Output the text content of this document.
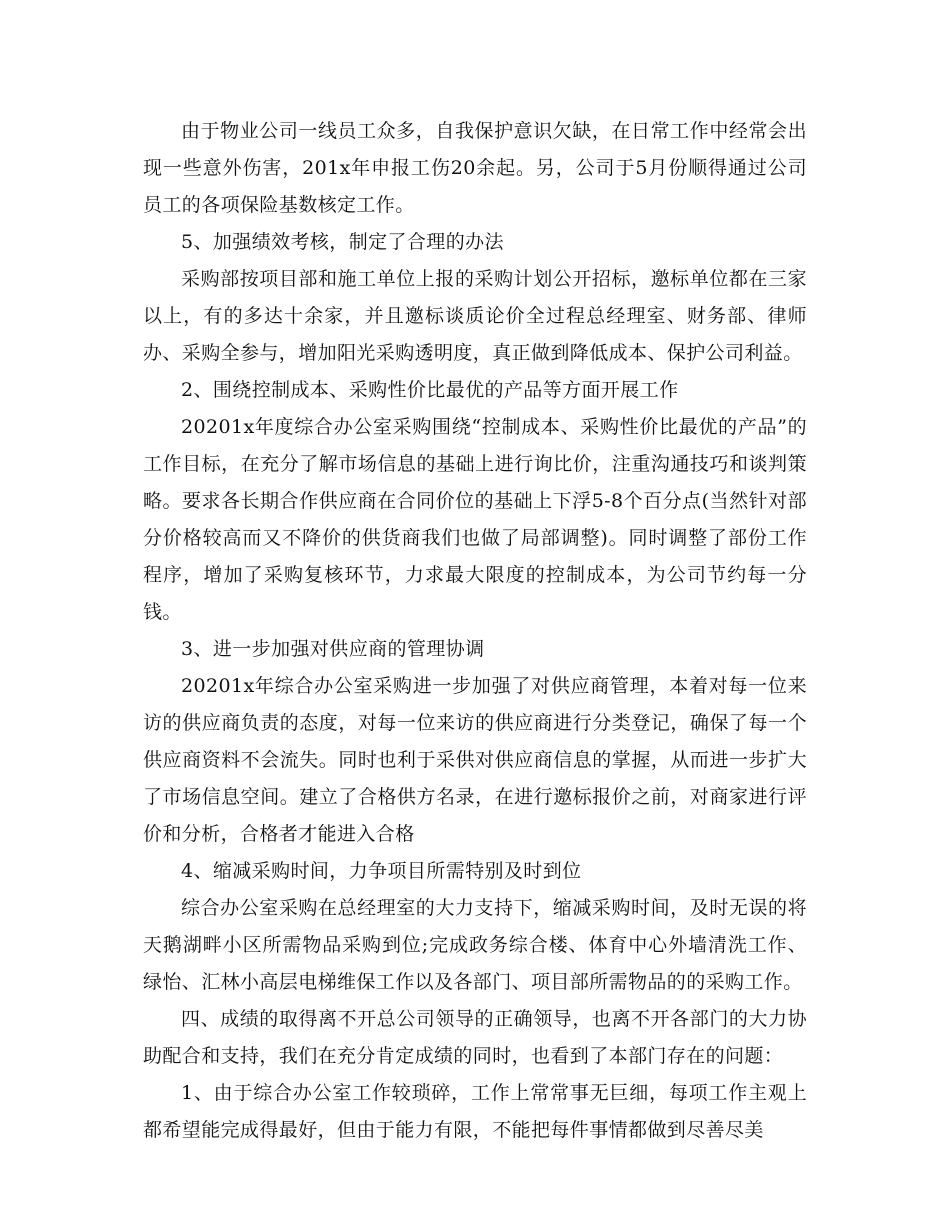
由于物业公司一线员工众多，自我保护意识欠缺，在日常工作中经常会出现一些意外伤害，201x年申报工伤20余起。另，公司于5月份顺得通过公司员工的各项保险基数核定工作。

5、加强绩效考核，制定了合理的办法

采购部按项目部和施工单位上报的采购计划公开招标，邀标单位都在三家以上，有的多达十余家，并且邀标谈质论价全过程总经理室、财务部、律师办、采购全参与，增加阳光采购透明度，真正做到降低成本、保护公司利益。

2、围绕控制成本、采购性价比最优的产品等方面开展工作

20201x年度综合办公室采购围绕“控制成本、采购性价比最优的产品”的工作目标，在充分了解市场信息的基础上进行询比价，注重沟通技巧和谈判策略。要求各长期合作供应商在合同价位的基础上下浮5-8个百分点(当然针对部分价格较高而又不降价的供货商我们也做了局部调整)。同时调整了部份工作程序，增加了采购复核环节，力求最大限度的控制成本，为公司节约每一分钱。

3、进一步加强对供应商的管理协调

20201x年综合办公室采购进一步加强了对供应商管理，本着对每一位来访的供应商负责的态度，对每一位来访的供应商进行分类登记，确保了每一个供应商资料不会流失。同时也利于采供对供应商信息的掌握，从而进一步扩大了市场信息空间。建立了合格供方名录，在进行邀标报价之前，对商家进行评价和分析，合格者才能进入合格

4、缩减采购时间，力争项目所需特别及时到位

综合办公室采购在总经理室的大力支持下，缩减采购时间，及时无误的将天鹅湖畔小区所需物品采购到位;完成政务综合楼、体育中心外墙清洗工作、绿怡、汇林小高层电梯维保工作以及各部门、项目部所需物品的的采购工作。

四、成绩的取得离不开总公司领导的正确领导，也离不开各部门的大力协助配合和支持，我们在充分肯定成绩的同时，也看到了本部门存在的问题：

1、由于综合办公室工作较琐碎，工作上常常事无巨细，每项工作主观上都希望能完成得最好，但由于能力有限，不能把每件事情都做到尽善尽美
